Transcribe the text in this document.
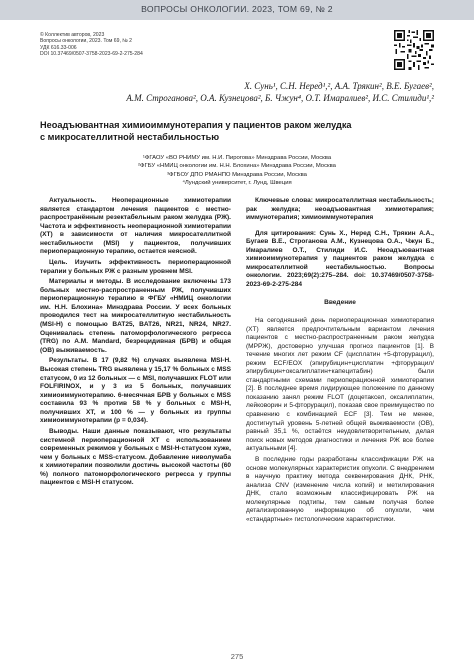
ВОПРОСЫ ОНКОЛОГИИ. 2023, ТОМ 69, № 2
© Коллектив авторов, 2023
Вопросы онкологии, 2023. Том 69, № 2
УДК 616.33-006
DOI 10.37469/0507-3758-2023-69-2-275-284
Х. Сунь¹, С.Н. Неред¹,², А.А. Трякин², В.Е. Бугаев²,
А.М. Строганова², О.А. Кузнецова², Б. Чжун⁴, О.Т. Имаралиев², И.С. Стилиди¹,²
Неоадъювантная химиоиммунотерапия у пациентов раком желудка
с микросателлитной нестабильностью
¹ФГАОУ «ВО РНИМУ им. Н.И. Пирогова» Минздрава России, Москва
²ФГБУ «НМИЦ онкологии им. Н.Н. Блохина» Минздрава России, Москва
³ФГБОУ ДПО РМАНПО Минздрава России, Москва
⁴Лундский университет, г. Лунд, Швеция

Актуальность. Неоперационные химиотерапии является стандартом лечения пациентов с местно-распространённым резектабельным раком желудка (РЖ). Частота и эффективность неоперационной химиотерапии (ХТ) в зависимости от наличия микросателлитной нестабильности (MSI) у пациентов, получивших периоперационную терапию, остается неясной.

Цель. Изучить эффективность периоперационной терапии у больных РЖ с разным уровнем MSI.

Материалы и методы. В исследование включены 173 больных местно-распространенным РЖ, получивших периоперационную терапию в ФГБУ «НМИЦ онкологии им. Н.Н. Блохина» Минздрава России. У всех больных проводился тест на микросателлитную нестабильность (MSI-H) с помощью BAT25, BAT26, NR21, NR24, NR27. Оценивалась степень патоморфологического регресса (TRG) по A.M. Mandard, безрецидивная (БРВ) и общая (ОВ) выживаемость.

Результаты. В 17 (9,82 %) случаях выявлена MSI-H. Высокая степень TRG выявлена у 15,17 % больных с MSS статусом, 0 из 12 больных — с MSI, получавших FLOT или FOLFIRINOX, и у 3 из 5 больных, получавших химиоиммунотерапию. 6-месячная БРВ у больных с MSS составила 93 % против 58 % у больных с MSI-H, получивших ХТ, и 100 % — у больных из группы химиоиммунотерапии (p = 0,034).

Выводы. Наши данные показывают, что результаты системной периоперационной ХТ с использованием современных режимов у больных с MSI-H-статусом хуже, чем у больных с MSS-статусом. Добавление ниволумаба к химиотерапии позволили достичь высокой частоты (60 %) полного патоморфологического регресса у группы пациентов с MSI-H статусом.

Ключевые слова: микросателлитная нестабильность; рак желудка; неоадъювантная химиотерапия; иммунотерапия; химиоиммунотерапия

Для цитирования: Сунь Х., Неред С.Н., Трякин А.А., Бугаев В.Е., Строганова А.М., Кузнецова О.А., Чжун Б., Имаралиев О.Т., Стилиди И.С. Неоадъювантная химиоиммунотерапия у пациентов раком желудка с микросателлитной нестабильностью. Вопросы онкологии. 2023;69(2):275–284. doi: 10.37469/0507-3758-2023-69-2-275-284

Введение

На сегодняшний день периоперационная химиотерапия (ХТ) является предпочтительным вариантом лечения пациентов с местно-распространенным раком желудка (МРРЖ), достоверно улучшая прогноз пациентов [1]. В течение многих лет режим CF (цисплатин +5-фторурацил), режим ECF/EOX (эпирубицин+цисплатин +фторурацил/ эпирубицин+оксалиплатин+капецитабин) были стандартными схемами периоперационной химиотерапии [2]. В последнее время лидирующее положение по данному показанию занял режим FLOT (доцетаксел, оксалиплатин, лейковорин и 5-фторурацил), показав свое преимущество по сравнению с комбинацией ECF [3]. Тем не менее, достигнутый уровень 5-летней общей выживаемости (ОВ), равный 35,1 %, остаётся неудовлетворительным, делая поиск новых методов диагностики и лечения РЖ все более актуальными [4].

В последние годы разработаны классификации РЖ на основе молекулярных характеристик опухоли. С внедрением в научную практику метода секвенирования ДНК, РНК, анализа CNV (изменение числа копий) и метилирования ДНК, стало возможным классифицировать РЖ на молекулярные подтипы, тем самым получая более детализированную информацию об опухоли, чем «стандартные» гистологические характеристики.

275
